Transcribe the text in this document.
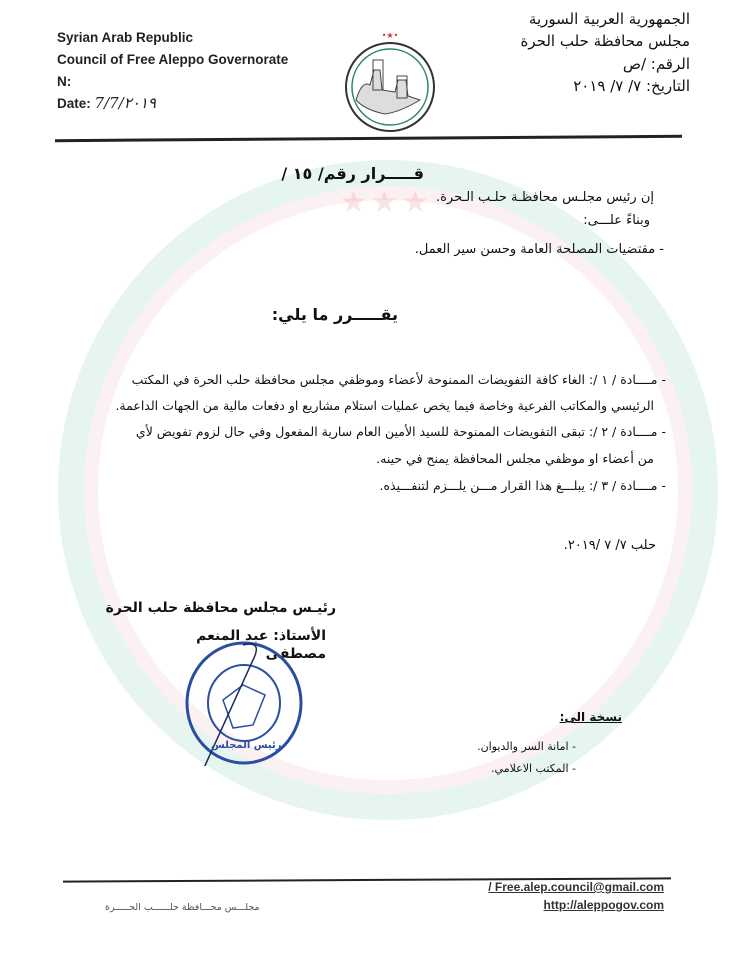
★★★
Syrian Arab Republic
Council of Free Aleppo Governorate
N:
Date: 7/7/٢٠١٩
•★•
الجمهورية العربية السورية
مجلس محافظة حلب الحرة
الرقم: /ص
التاريخ: ٧/ ٧/ ٢٠١٩
قـــــرار رقم/ ١٥ /
إن رئيس مجلـس محافظـة حلـب الـحرة.
وبناءً علـــى:
- مقتضيات المصلحة العامة وحسن سير العمل.
يقـــــرر ما يلي:
- مــــادة / ١ /: الغاء كافة التفويضات الممنوحة لأعضاء وموظفي مجلس محافظة حلب الحرة في المكتب
الرئيسي والمكاتب الفرعية وخاصة فيما يخص عمليات استلام مشاريع او دفعات مالية من الجهات الداعمة.
- مــــادة / ٢ /: تبقى التفويضات الممنوحة للسيد الأمين العام سارية المفعول وفي حال لزوم تفويض لأي
من أعضاء او موظفي مجلس المحافظة يمنح في حينه.
- مــــادة / ٣ /: يبلـــغ هذا القرار مـــن يلـــزم لتنفـــيذه.
حلب ٧/ ٧ /٢٠١٩.
رئيـس مجلس محافظة حلب الحرة
الأستاذ: عبد المنعم
مصطفى
رئيس المجلس
نسخة الى:
- امانة السر والديوان.
- المكتب الاعلامي.
/ Free.alep.council@gmail.com
http://aleppogov.com
مجلـــس محـــافظة حلــــــب الحـــــرة
